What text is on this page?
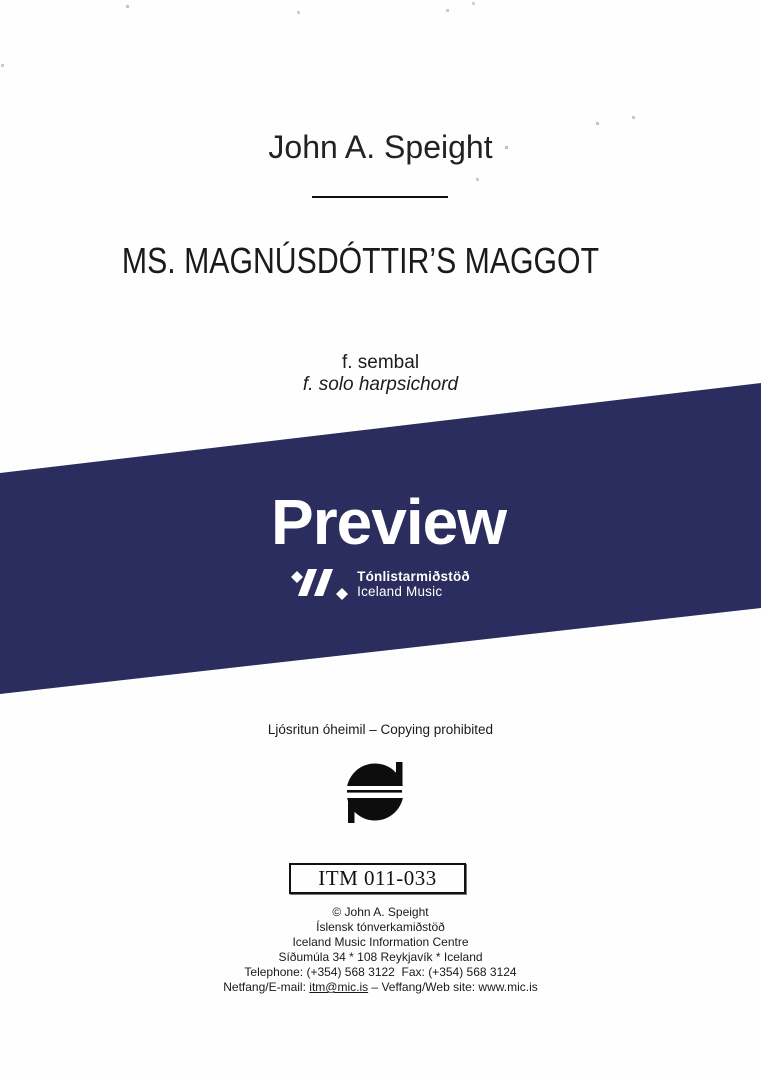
John A. Speight
MS. MAGNÚSDÓTTIR’S MAGGOT
f. sembal
f. solo harpsichord
Preview
Tónlistarmiðstöð
Iceland Music
Ljósritun óheimil – Copying prohibited
ITM 011-033
© John A. Speight
Íslensk tónverkamiðstöð
Iceland Music Information Centre
Síðumúla 34 * 108 Reykjavík * Iceland
Telephone: (+354) 568 3122  Fax: (+354) 568 3124
Netfang/E-mail: itm@mic.is – Veffang/Web site: www.mic.is
